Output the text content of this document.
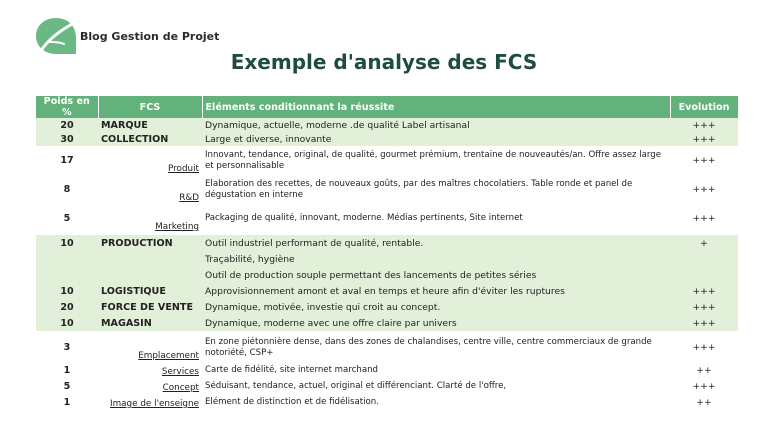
Blog Gestion de Projet
Exemple d'analyse des FCS
Poids en %	FCS	Eléments conditionnant la réussite	Evolution
20	MARQUE	Dynamique, actuelle, moderne .de qualité Label artisanal	+++
30	COLLECTION	Large et diverse, innovante	+++
17	Produit	Innovant, tendance, original, de qualité, gourmet prémium, trentaine de nouveautés/an. Offre assez large et personnalisable	+++
8	R&D	Elaboration des recettes, de nouveaux goûts, par des maîtres chocolatiers. Table ronde et panel de dégustation en interne	+++
5	Marketing	Packaging de qualité, innovant, moderne. Médias pertinents, Site internet	+++

10	PRODUCTION	Outil industriel performant de qualité, rentable.	+
		Traçabilité, hygiène	
		Outil de production souple permettant des lancements de petites séries	
10	LOGISTIQUE	Approvisionnement amont et aval en temps et heure afin d'éviter les ruptures	+++
20	FORCE DE VENTE	Dynamique, motivée, investie qui croit au concept.	+++
10	MAGASIN	Dynamique, moderne avec une offre claire par univers	+++

3	Emplacement	En zone piétonnière dense, dans des zones de chalandises, centre ville, centre commerciaux de grande notoriété, CSP+	+++
1	Services	Carte de fidélité, site internet marchand	++
5	Concept	Séduisant, tendance, actuel, original et différenciant. Clarté de l'offre,	+++
1	Image de l'enseigne	Elément de distinction et de fidélisation.	++
